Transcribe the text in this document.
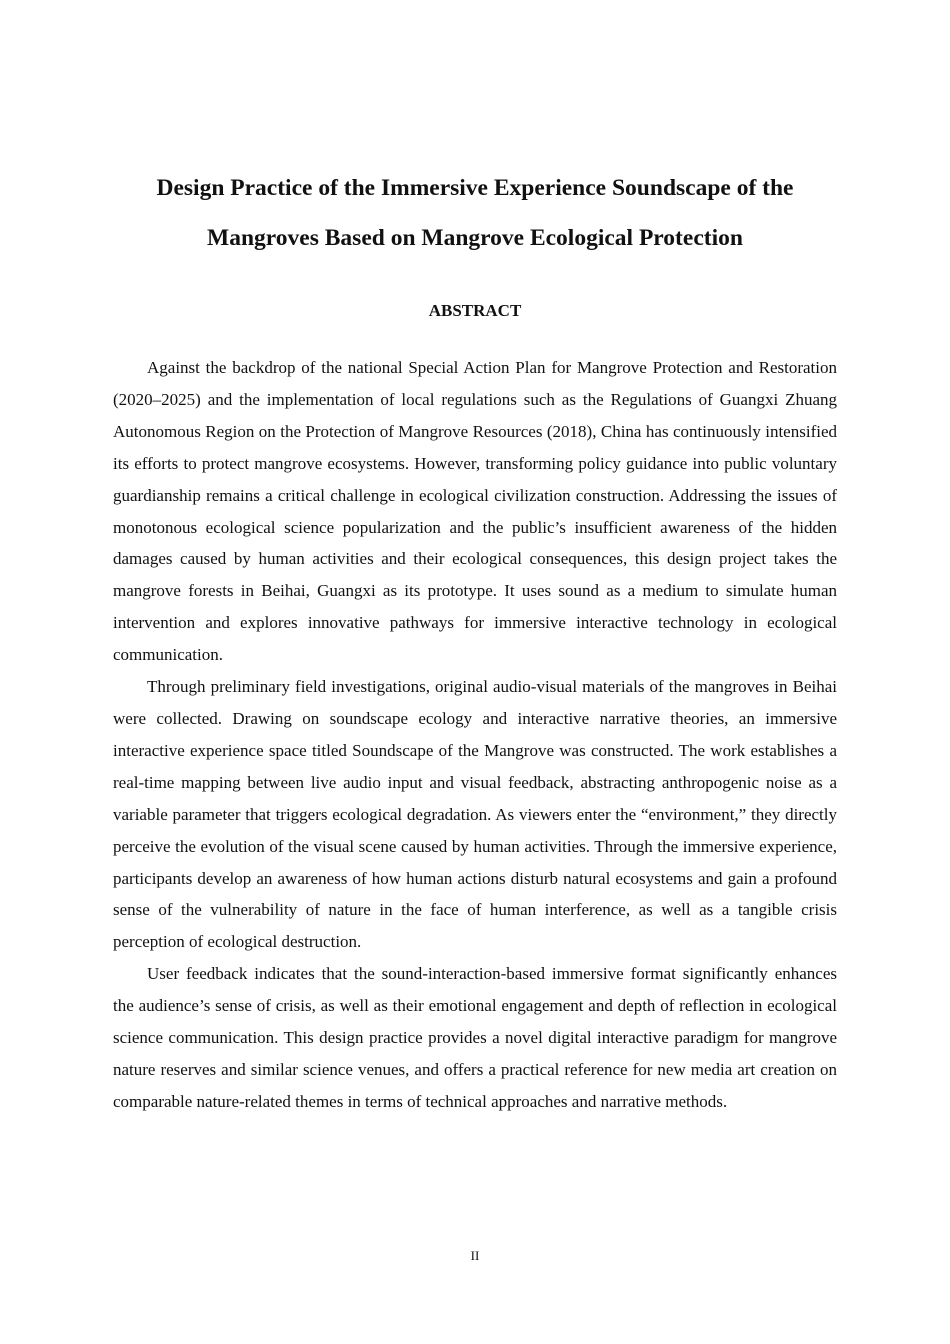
Design Practice of the Immersive Experience Soundscape of the Mangroves Based on Mangrove Ecological Protection
ABSTRACT

Against the backdrop of the national Special Action Plan for Mangrove Protection and Restoration (2020–2025) and the implementation of local regulations such as the Regulations of Guangxi Zhuang Autonomous Region on the Protection of Mangrove Resources (2018), China has continuously intensified its efforts to protect mangrove ecosystems. However, transforming policy guidance into public voluntary guardianship remains a critical challenge in ecological civilization construction. Addressing the issues of monotonous ecological science popularization and the public’s insufficient awareness of the hidden damages caused by human activities and their ecological consequences, this design project takes the mangrove forests in Beihai, Guangxi as its prototype. It uses sound as a medium to simulate human intervention and explores innovative pathways for immersive interactive technology in ecological communication.

Through preliminary field investigations, original audio-visual materials of the mangroves in Beihai were collected. Drawing on soundscape ecology and interactive narrative theories, an immersive interactive experience space titled Soundscape of the Mangrove was constructed. The work establishes a real-time mapping between live audio input and visual feedback, abstracting anthropogenic noise as a variable parameter that triggers ecological degradation. As viewers enter the “environment,” they directly perceive the evolution of the visual scene caused by human activities. Through the immersive experience, participants develop an awareness of how human actions disturb natural ecosystems and gain a profound sense of the vulnerability of nature in the face of human interference, as well as a tangible crisis perception of ecological destruction.

User feedback indicates that the sound-interaction-based immersive format significantly enhances the audience’s sense of crisis, as well as their emotional engagement and depth of reflection in ecological science communication. This design practice provides a novel digital interactive paradigm for mangrove nature reserves and similar science venues, and offers a practical reference for new media art creation on comparable nature-related themes in terms of technical approaches and narrative methods.

II
